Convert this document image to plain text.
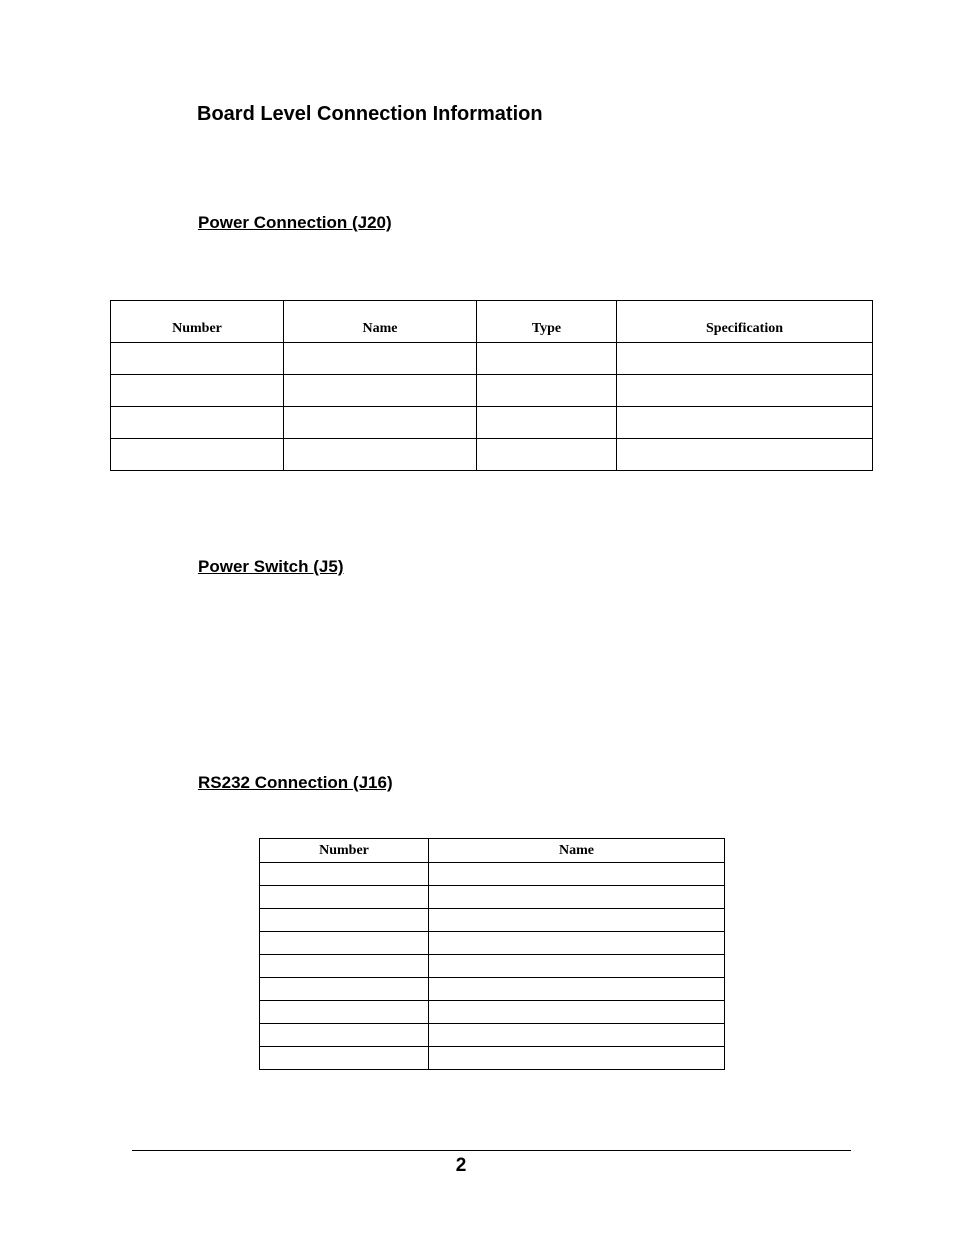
Board Level Connection Information
Power Connection (J20)
Number	Name	Type	Specification

Power Switch (J5)
RS232 Connection (J16)
Number	Name

2
